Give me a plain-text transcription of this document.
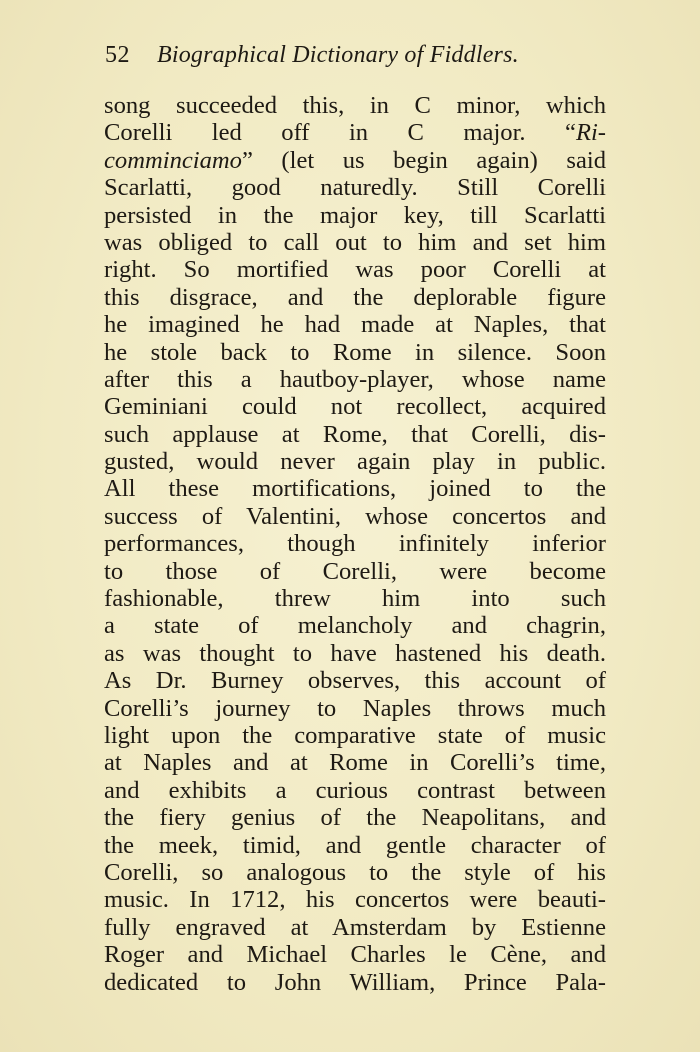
52 Biographical Dictionary of Fiddlers.
song succeeded this, in C minor, which
Corelli led off in C major. “Ri-
comminciamo” (let us begin again) said
Scarlatti, good naturedly. Still Corelli
persisted in the major key, till Scarlatti
was obliged to call out to him and set him
right. So mortified was poor Corelli at
this disgrace, and the deplorable figure
he imagined he had made at Naples, that
he stole back to Rome in silence. Soon
after this a hautboy-player, whose name
Geminiani could not recollect, acquired
such applause at Rome, that Corelli, dis-
gusted, would never again play in public.
All these mortifications, joined to the
success of Valentini, whose concertos and
performances, though infinitely inferior
to those of Corelli, were become
fashionable, threw him into such
a state of melancholy and chagrin,
as was thought to have hastened his death.
As Dr. Burney observes, this account of
Corelli’s journey to Naples throws much
light upon the comparative state of music
at Naples and at Rome in Corelli’s time,
and exhibits a curious contrast between
the fiery genius of the Neapolitans, and
the meek, timid, and gentle character of
Corelli, so analogous to the style of his
music. In 1712, his concertos were beauti-
fully engraved at Amsterdam by Estienne
Roger and Michael Charles le Cène, and
dedicated to John William, Prince Pala-
